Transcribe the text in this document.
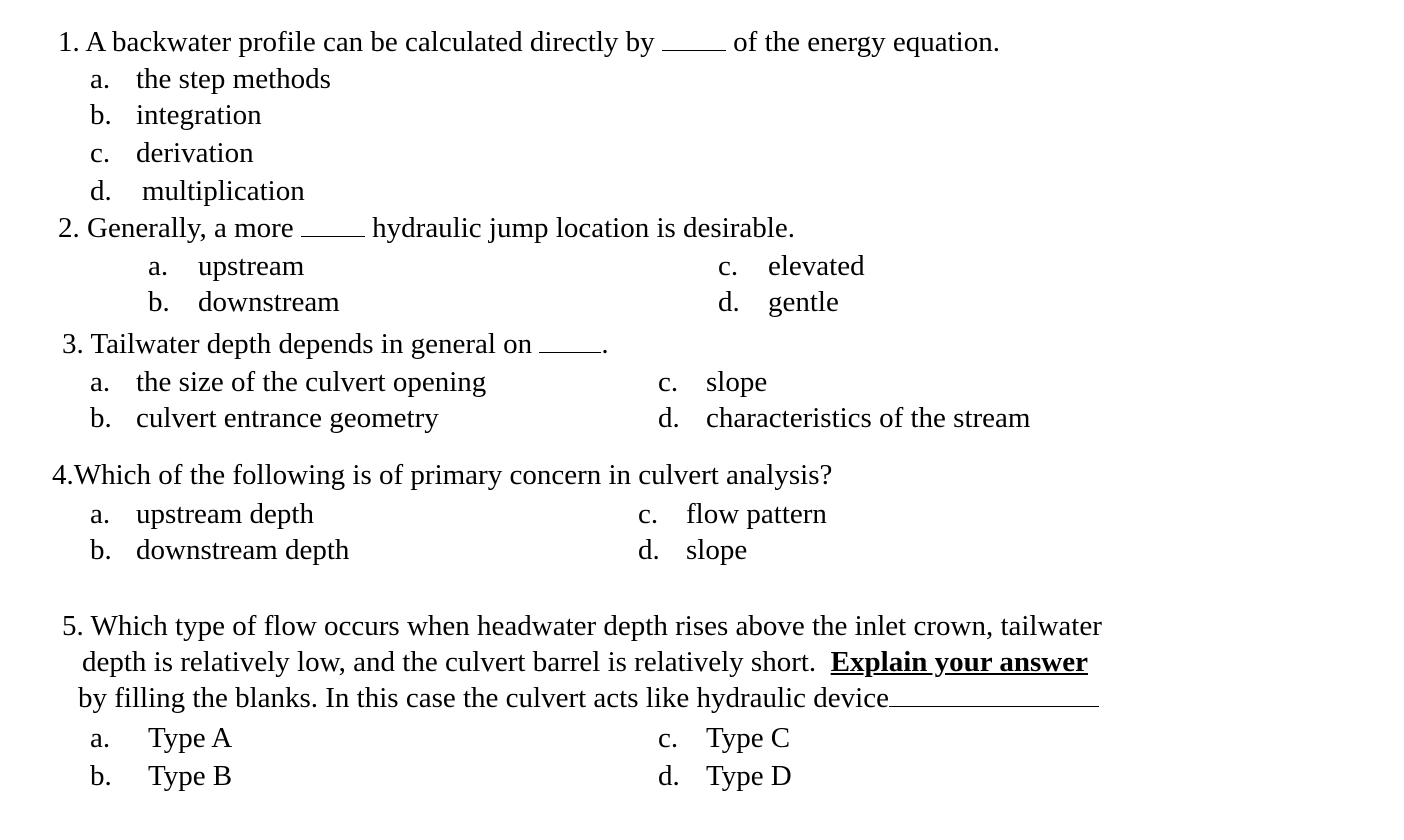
1. A backwater profile can be calculated directly by	of the energy equation.
a. the step methods
b. integration
c. derivation
d. multiplication
2. Generally, a more	hydraulic jump location is desirable.
a. upstream
b. downstream
c. elevated
d. gentle
3. Tailwater depth depends in general on .
a. the size of the culvert opening
b. culvert entrance geometry
c. slope
d. characteristics of the stream
4.Which of the following is of primary concern in culvert analysis?
a. upstream depth
b. downstream depth
c. flow pattern
d. slope
5. Which type of flow occurs when headwater depth rises above the inlet crown, tailwater
depth is relatively low, and the culvert barrel is relatively short. Explain your answer
by filling the blanks. In this case the culvert acts like hydraulic device
a. Type A
b. Type B
c. Type C
d. Type D
